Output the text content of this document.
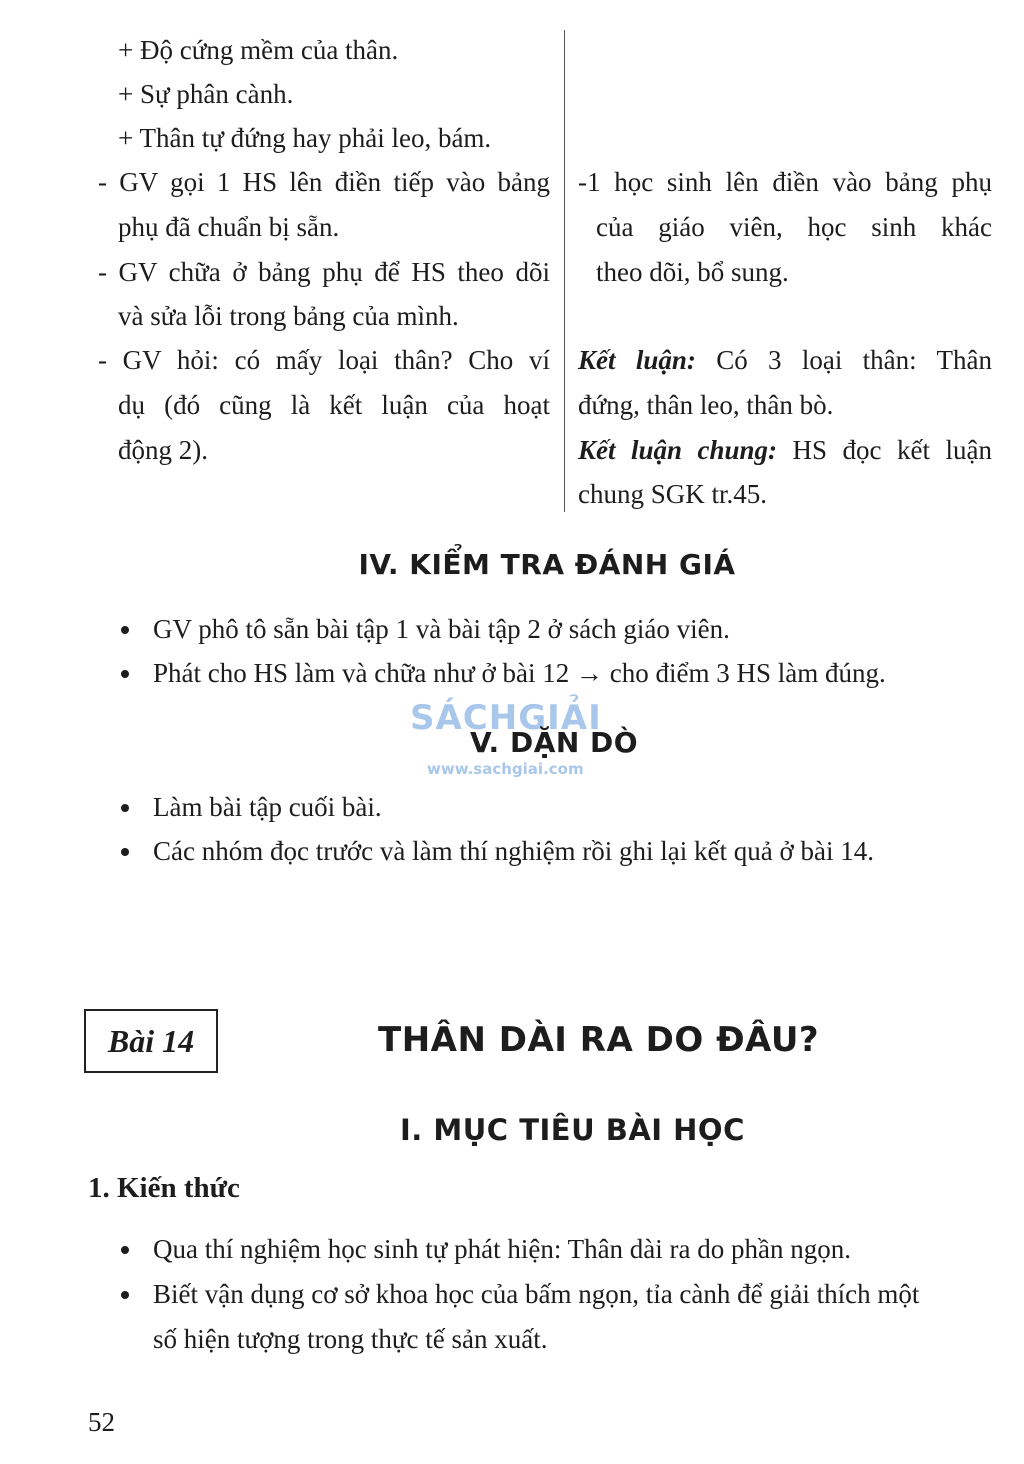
+ Độ cứng mềm của thân.
+ Sự phân cành.
+ Thân tự đứng hay phải leo, bám.
- GV gọi 1 HS lên điền tiếp vào bảng
phụ đã chuẩn bị sẵn.
- GV chữa ở bảng phụ để HS theo dõi
và sửa lỗi trong bảng của mình.
- GV hỏi: có mấy loại thân? Cho ví
dụ (đó cũng là kết luận của hoạt
động 2).
-1 học sinh lên điền vào bảng phụ
của giáo viên, học sinh khác
theo dõi, bổ sung.
Kết luận: Có 3 loại thân: Thân
đứng, thân leo, thân bò.
Kết luận chung: HS đọc kết luận
chung SGK tr.45.
IV. KIỂM TRA ĐÁNH GIÁ
GV phô tô sẵn bài tập 1 và bài tập 2 ở sách giáo viên.
Phát cho HS làm và chữa như ở bài 12 → cho điểm 3 HS làm đúng.
SÁCHGIẢI
www.sachgiai.com
V. DẶN DÒ
Làm bài tập cuối bài.
Các nhóm đọc trước và làm thí nghiệm rồi ghi lại kết quả ở bài 14.
Bài 14	THÂN DÀI RA DO ĐÂU?
I. MỤC TIÊU BÀI HỌC
1. Kiến thức
Qua thí nghiệm học sinh tự phát hiện: Thân dài ra do phần ngọn.
Biết vận dụng cơ sở khoa học của bấm ngọn, tỉa cành để giải thích một
số hiện tượng trong thực tế sản xuất.
52
